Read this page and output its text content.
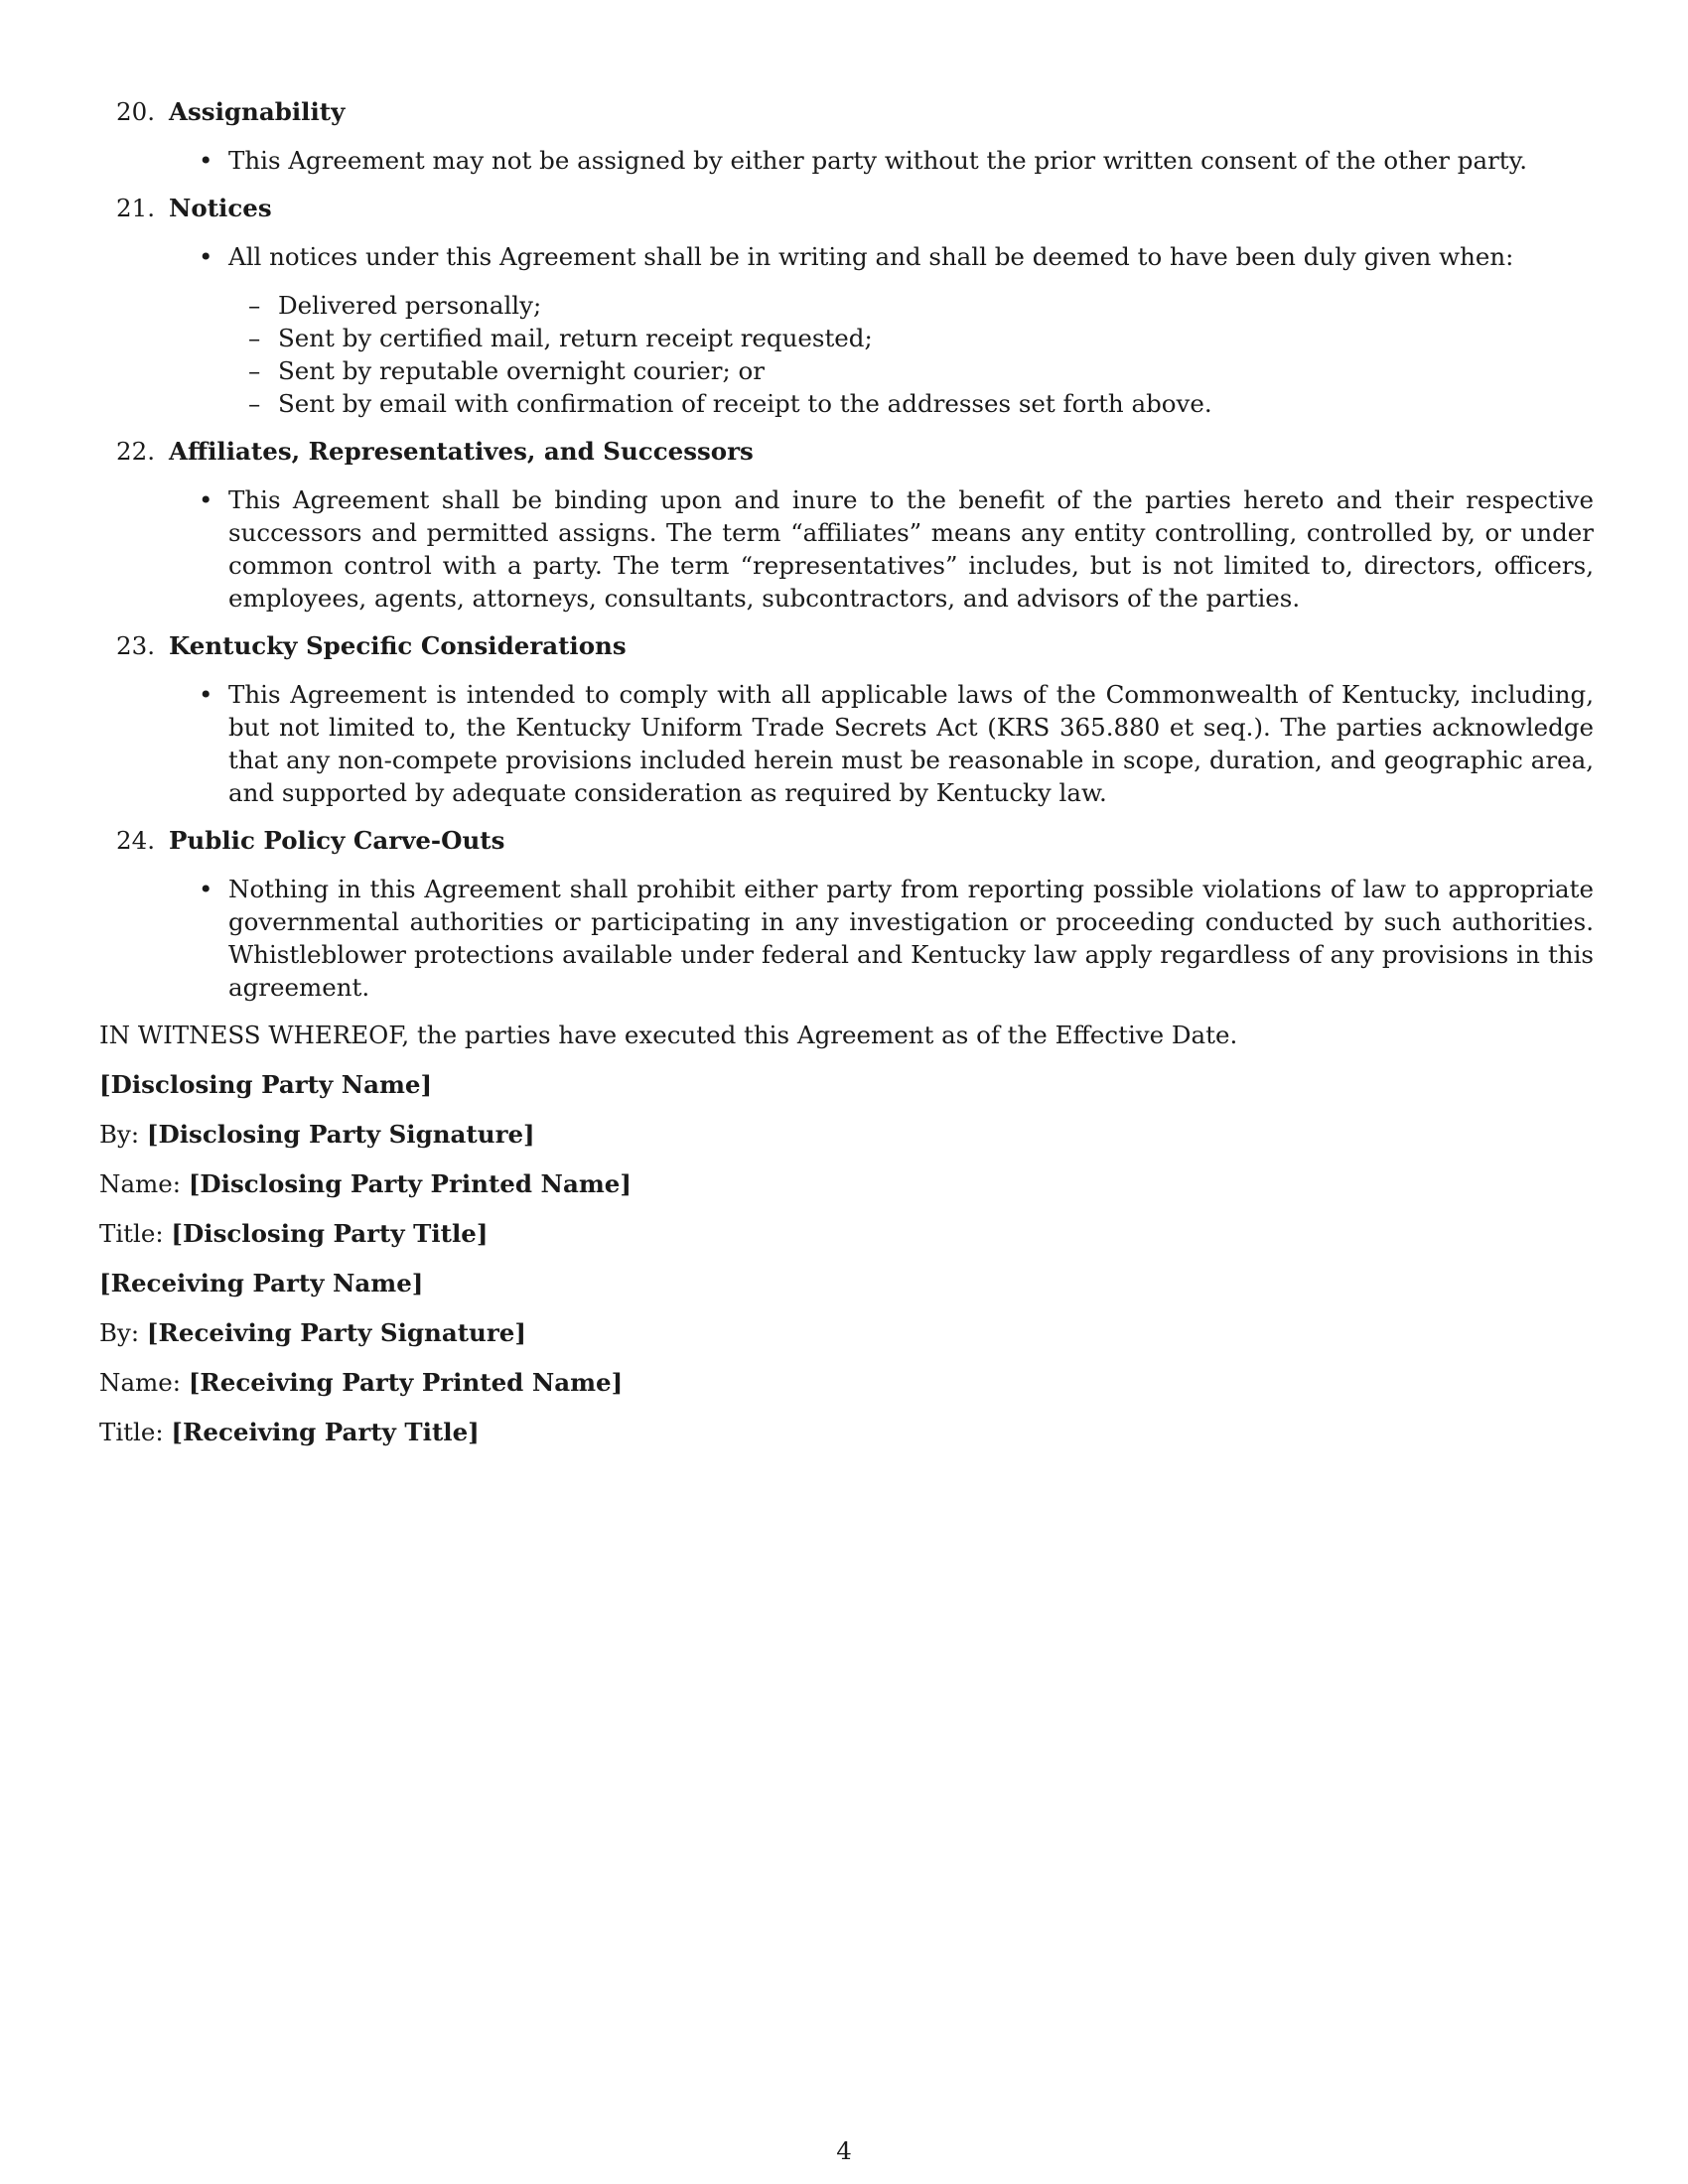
20. Assignability
• This Agreement may not be assigned by either party without the prior written consent of the other party.
21. Notices
• All notices under this Agreement shall be in writing and shall be deemed to have been duly given when:
– Delivered personally;
– Sent by certified mail, return receipt requested;
– Sent by reputable overnight courier; or
– Sent by email with confirmation of receipt to the addresses set forth above.
22. Affiliates, Representatives, and Successors
• This Agreement shall be binding upon and inure to the benefit of the parties hereto and their respective successors and permitted assigns. The term “affiliates” means any entity controlling, controlled by, or under common control with a party. The term “representatives” includes, but is not limited to, directors, officers, employees, agents, attorneys, consultants, subcontractors, and advisors of the parties.
23. Kentucky Specific Considerations
• This Agreement is intended to comply with all applicable laws of the Commonwealth of Kentucky, including, but not limited to, the Kentucky Uniform Trade Secrets Act (KRS 365.880 et seq.). The parties acknowledge that any non-compete provisions included herein must be reasonable in scope, duration, and geographic area, and supported by adequate consideration as required by Kentucky law.
24. Public Policy Carve-Outs
• Nothing in this Agreement shall prohibit either party from reporting possible violations of law to appropriate governmental authorities or participating in any investigation or proceeding conducted by such authorities. Whistleblower protections available under federal and Kentucky law apply regardless of any provisions in this agreement.
IN WITNESS WHEREOF, the parties have executed this Agreement as of the Effective Date.
[Disclosing Party Name]
By: [Disclosing Party Signature]
Name: [Disclosing Party Printed Name]
Title: [Disclosing Party Title]
[Receiving Party Name]
By: [Receiving Party Signature]
Name: [Receiving Party Printed Name]
Title: [Receiving Party Title]
4
